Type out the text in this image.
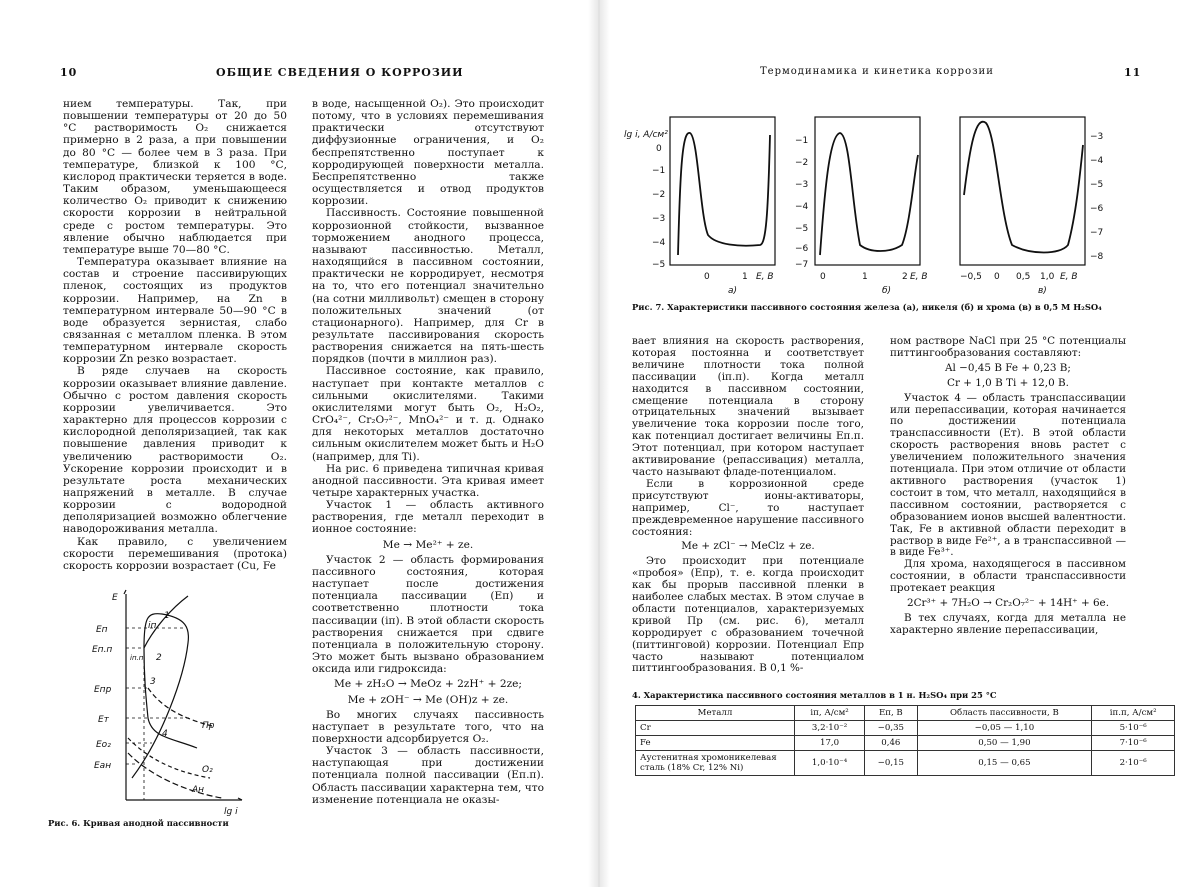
10	ОБЩИЕ СВЕДЕНИЯ О КОРРОЗИИ

нием температуры. Так, при повышении температуры от 20 до 50 °С растворимость O₂ снижается примерно в 2 раза, а при повышении до 80 °С — более чем в 3 раза. При температуре, близкой к 100 °С, кислород практически теряется в воде. Таким образом, уменьшающееся количество O₂ приводит к снижению скорости коррозии в нейтральной среде с ростом температуры. Это явление обычно наблюдается при температуре выше 70—80 °С.

Температура оказывает влияние на состав и строение пассивирующих пленок, состоящих из продуктов коррозии. Например, на Zn в температурном интервале 50—90 °С в воде образуется зернистая, слабо связанная с металлом пленка. В этом температурном интервале скорость коррозии Zn резко возрастает.

В ряде случаев на скорость коррозии оказывает влияние давление. Обычно с ростом давления скорость коррозии увеличивается. Это характерно для процессов коррозии с кислородной деполяризацией, так как повышение давления приводит к увеличению растворимости O₂. Ускорение коррозии происходит и в результате роста механических напряжений в металле. В случае коррозии с водородной деполяризацией возможно облегчение наводороживания металла.

Как правило, с увеличением скорости перемешивания (протока) скорость коррозии возрастает (Cu, Fe

в воде, насыщенной O₂). Это происходит потому, что в условиях перемешивания практически отсутствуют диффузионные ограничения, и O₂ беспрепятственно поступает к корродирующей поверхности металла. Беспрепятственно также осуществляется и отвод продуктов коррозии.

Пассивность. Состояние повышенной коррозионной стойкости, вызванное торможением анодного процесса, называют пассивностью. Металл, находящийся в пассивном состоянии, практически не корродирует, несмотря на то, что его потенциал значительно (на сотни милливольт) смещен в сторону положительных значений (от стационарного). Например, для Cr в результате пассивирования скорость растворения снижается на пять-шесть порядков (почти в миллион раз).

Пассивное состояние, как правило, наступает при контакте металлов с сильными окислителями. Такими окислителями могут быть O₂, H₂O₂, CrO₄²⁻, Cr₂O₇²⁻, MnO₄²⁻ и т. д. Однако для некоторых металлов достаточно сильным окислителем может быть и H₂O (например, для Ti).

На рис. 6 приведена типичная кривая анодной пассивности. Эта кривая имеет четыре характерных участка.

Участок 1 — область активного растворения, где металл переходит в ионное состояние:

Me → Me²⁺ + zе.

Участок 2 — область формирования пассивного состояния, которая наступает после достижения потенциала пассивации (Eп) и соответственно плотности тока пассивации (iп). В этой области скорость растворения снижается при сдвиге потенциала в положительную сторону. Это может быть вызвано образованием оксида или гидроксида:

Me + zH₂O → MeOz + 2zH⁺ + 2ze;

Me + zOH⁻ → Me (OH)z + ze.

Во многих случаях пассивность наступает в результате того, что на поверхности адсорбируется O₂.

Участок 3 — область пассивности, наступающая при достижении потенциала полной пассивации (Eп.п). Область пассивации характерна тем, что изменение потенциала не оказы-

E
lg i
Eп
Eп.п
Eпр
Eт
Eo₂
Eан
1
2
3
4
iп
iп.п
Пр
O₂
Ан
Рис. 6. Кривая анодной пассивности
Термодинамика и кинетика коррозии	11
lg i, А/см²
0
−1
−2
−3
−4
−5
0	1 E, В
а)
−1
−2
−3
−4
−5
−6
−7
0	1	2 E, В
б)
−3
−4
−5
−6
−7
−8
−0,5 0 0,5 1,0 E, В
в)
Рис. 7. Характеристики пассивного состояния железа (а), никеля (б) и хрома (в) в 0,5 М H₂SO₄

вает влияния на скорость растворения, которая постоянна и соответствует величине плотности тока полной пассивации (iп.п). Когда металл находится в пассивном состоянии, смещение потенциала в сторону отрицательных значений вызывает увеличение тока коррозии после того, как потенциал достигает величины Eп.п. Этот потенциал, при котором наступает активирование (репассивация) металла, часто называют фладе-потенциалом.

Если в коррозионной среде присутствуют ионы-активаторы, например, Cl⁻, то наступает преждевременное нарушение пассивного состояния:

Me + zCl⁻ → MeClz + ze.

Это происходит при потенциале «пробоя» (Eпр), т. е. когда происходит как бы прорыв пассивной пленки в наиболее слабых местах. В этом случае в области потенциалов, характеризуемых кривой Пр (см. рис. 6), металл корродирует с образованием точечной (питтинговой) коррозии. Потенциал Eпр часто называют потенциалом питтингообразования. В 0,1 %-

ном растворе NaCl при 25 °С потенциалы питтингообразования составляют:

Al −0,45 В Fe + 0,23 В;

Cr + 1,0 В Ti + 12,0 В.

Участок 4 — область транспассивации или перепассивации, которая начинается по достижении потенциала транспассивности (Eт). В этой области скорость растворения вновь растет с увеличением положительного значения потенциала. При этом отличие от области активного растворения (участок 1) состоит в том, что металл, находящийся в пассивном состоянии, растворяется с образованием ионов высшей валентности. Так, Fe в активной области переходит в раствор в виде Fe²⁺, а в транспассивной — в виде Fe³⁺.

Для хрома, находящегося в пассивном состоянии, в области транспассивности протекает реакция

2Cr³⁺ + 7H₂O → Cr₂O₇²⁻ + 14H⁺ + 6е.

В тех случаях, когда для металла не характерно явление перепассивации,

4. Характеристика пассивного состояния металлов в 1 н. H₂SO₄ при 25 °С
Металл	iп, А/см²	Eп, В	Область пассивности, В	iп.п, А/см²
Cr	3,2·10⁻²	−0,35	−0,05 — 1,10	5·10⁻⁶
Fe	17,0	0,46	0,50 — 1,90	7·10⁻⁶
Аустенитная хромоникелевая сталь (18% Cr, 12% Ni)	1,0·10⁻⁴	−0,15	0,15 — 0,65	2·10⁻⁶
